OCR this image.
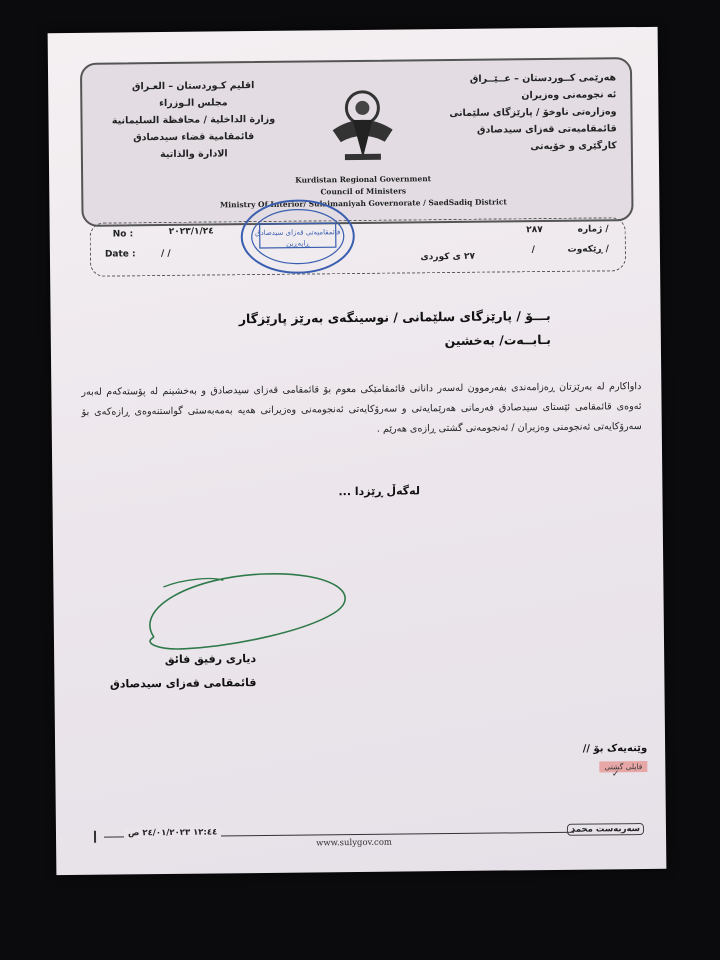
هەرێمی کــوردستان – عــێــراق
ئە نجومەنی وەزیران
وەزارەتی ناوخۆ / پارێزگای سلێمانی
قائمقامیەتی قەزای سیدصادق
کارگێری و خۆیەتی
اقليم كـوردستان – العـراق
مجلس الـوزراء
وزارة الداخلية / محافظة السليمانية
قائمقامية قضاء سيدصادق
الادارة والذاتية
Kurdistan Regional Government
Council of Ministers
Ministry Of Interior/ Sulaimaniyah Governorate / SaedSadiq District
ژمارە /
٢٨٧
ڕێکەوت /
/
٢٧ ی کوردی
No :	٢٠٢٣/١/٢٤
Date :	/ /
قائمقامیەتی قەزای سیدصادق
ڕاپەڕین
بـــۆ / پارێزگای سلێمانی / نوسینگەی بەرێز پارێزگار
بـابــەت/ بەخشین
داواکارم لە بەرێزتان ڕەزامەندی بفەرموون لەسەر دانانی قائمقامێکی معوم بۆ قائمقامی قەزای سیدصادق و بەخشینم لە پۆستەکەم لەبەر ئەوەی قائمقامی ئێستای سیدصادق فەرمانی هەرێمایەتی و سەرۆکایەتی ئەنجومەنی وەزیرانی هەیە بەمەبەستی گواستنەوەی ڕازەکەی بۆ سەرۆکایەتی ئەنجومنی وەزیران / ئەنجومەنی گشتی ڕازەی هەرێم .
لەگەڵ ڕێزدا ...
دیاری رفیق فائق
قائمقامی قەزای سیدصادق
وێنەیەک بۆ //
فایلی گشتی
✓
١٢:٤٤ ٢٤/٠١/٢٠٢٣ ص	سەربەست محمد
www.sulygov.com
